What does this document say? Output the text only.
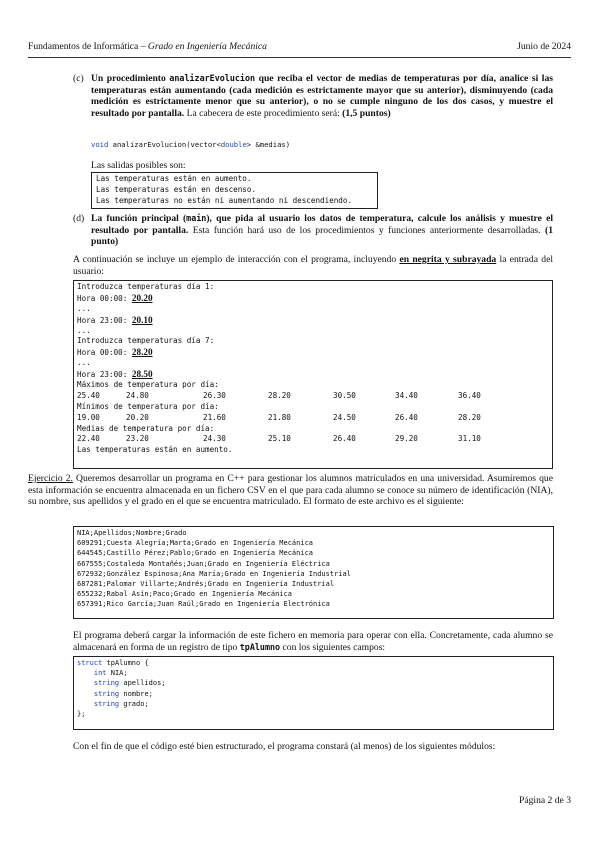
Fundamentos de Informática – Grado en Ingeniería Mecánica	Junio de 2024
(c) Un procedimiento analizarEvolucion que reciba el vector de medias de temperaturas por día, analice si las temperaturas están aumentando (cada medición es estrictamente mayor que su anterior), disminuyendo (cada medición es estrictamente menor que su anterior), o no se cumple ninguno de los dos casos, y muestre el resultado por pantalla. La cabecera de este procedimiento será: (1,5 puntos)
void analizarEvolucion(vector<double> &medias)
Las salidas posibles son:
Las temperaturas están en aumento.
Las temperaturas están en descenso.
Las temperaturas no están ni aumentando ni descendiendo.
(d) La función principal (main), que pida al usuario los datos de temperatura, calcule los análisis y muestre el resultado por pantalla. Esta función hará uso de los procedimientos y funciones anteriormente desarrolladas. (1 punto)
A continuación se incluye un ejemplo de interacción con el programa, incluyendo en negrita y subrayada la entrada del usuario:
Introduzca temperaturas día 1:
Hora 00:00: 20.20
...
Hora 23:00: 20.10
...
Introduzca temperaturas día 7:
Hora 00:00: 28.20
...
Hora 23:00: 28.50
Máximos de temperatura por día:
25.40	24.80	26.30	28.20	30.50	34.40	36.40
Mínimos de temperatura por día:
19.00	20.20	21.60	21.80	24.50	26.40	28.20
Medias de temperatura por día:
22.40	23.20	24.30	25.10	26.40	29.20	31.10
Las temperaturas están en aumento.
Ejercicio 2. Queremos desarrollar un programa en C++ para gestionar los alumnos matriculados en una universidad. Asumiremos que esta información se encuentra almacenada en un fichero CSV en el que para cada alumno se conoce su número de identificación (NIA), su nombre, sus apellidos y el grado en el que se encuentra matriculado. El formato de este archivo es el siguiente:
NIA;Apellidos;Nombre;Grado
609291;Cuesta Alegría;Marta;Grado en Ingeniería Mecánica
644545;Castillo Pérez;Pablo;Grado en Ingeniería Mecánica
667555;Costaleda Montañés;Juan;Grado en Ingeniería Eléctrica
672932;González Espinosa;Ana María;Grado en Ingeniería Industrial
687281;Palomar Villarte;Andrés;Grado en Ingeniería Industrial
655232;Rabal Asín;Paco;Grado en Ingeniería Mecánica
657391;Rico García;Juan Raúl;Grado en Ingeniería Electrónica
El programa deberá cargar la información de este fichero en memoria para operar con ella. Concretamente, cada alumno se almacenará en forma de un registro de tipo tpAlumno con los siguientes campos:
struct tpAlumno {
int NIA;
string apellidos;
string nombre;
string grado;
};
Con el fin de que el código esté bien estructurado, el programa constará (al menos) de los siguientes módulos:
Página 2 de 3
